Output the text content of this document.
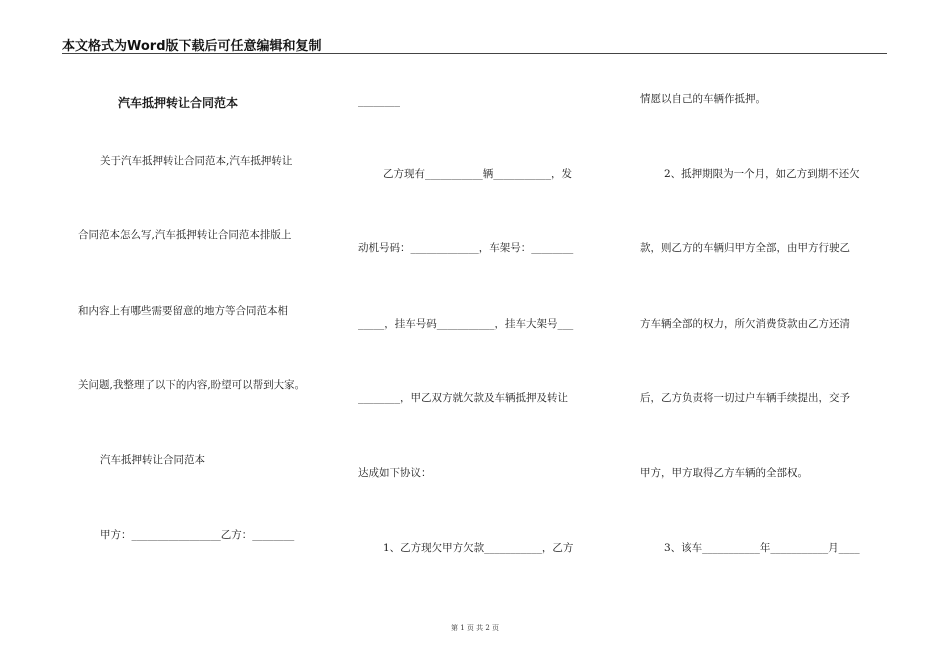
本文格式为Word版下载后可任意编辑和复制
汽车抵押转让合同范本
关于汽车抵押转让合同范本,汽车抵押转让
合同范本怎么写,汽车抵押转让合同范本排版上
和内容上有哪些需要留意的地方等合同范本相
关问题,我整理了以下的内容,盼望可以帮到大家。
汽车抵押转让合同范本
甲方：_________________乙方：________
________
乙方现有___________辆___________，发
动机号码：_____________，车架号：________
_____，挂车号码___________，挂车大架号___
________，甲乙双方就欠款及车辆抵押及转让
达成如下协议：
1、乙方现欠甲方欠款___________，乙方
情愿以自己的车辆作抵押。
2、抵押期限为一个月，如乙方到期不还欠
款，则乙方的车辆归甲方全部，由甲方行驶乙
方车辆全部的权力，所欠消费贷款由乙方还清
后，乙方负责将一切过户车辆手续提出，交予
甲方，甲方取得乙方车辆的全部权。
3、该车___________年___________月____
第 1 页 共 2 页
